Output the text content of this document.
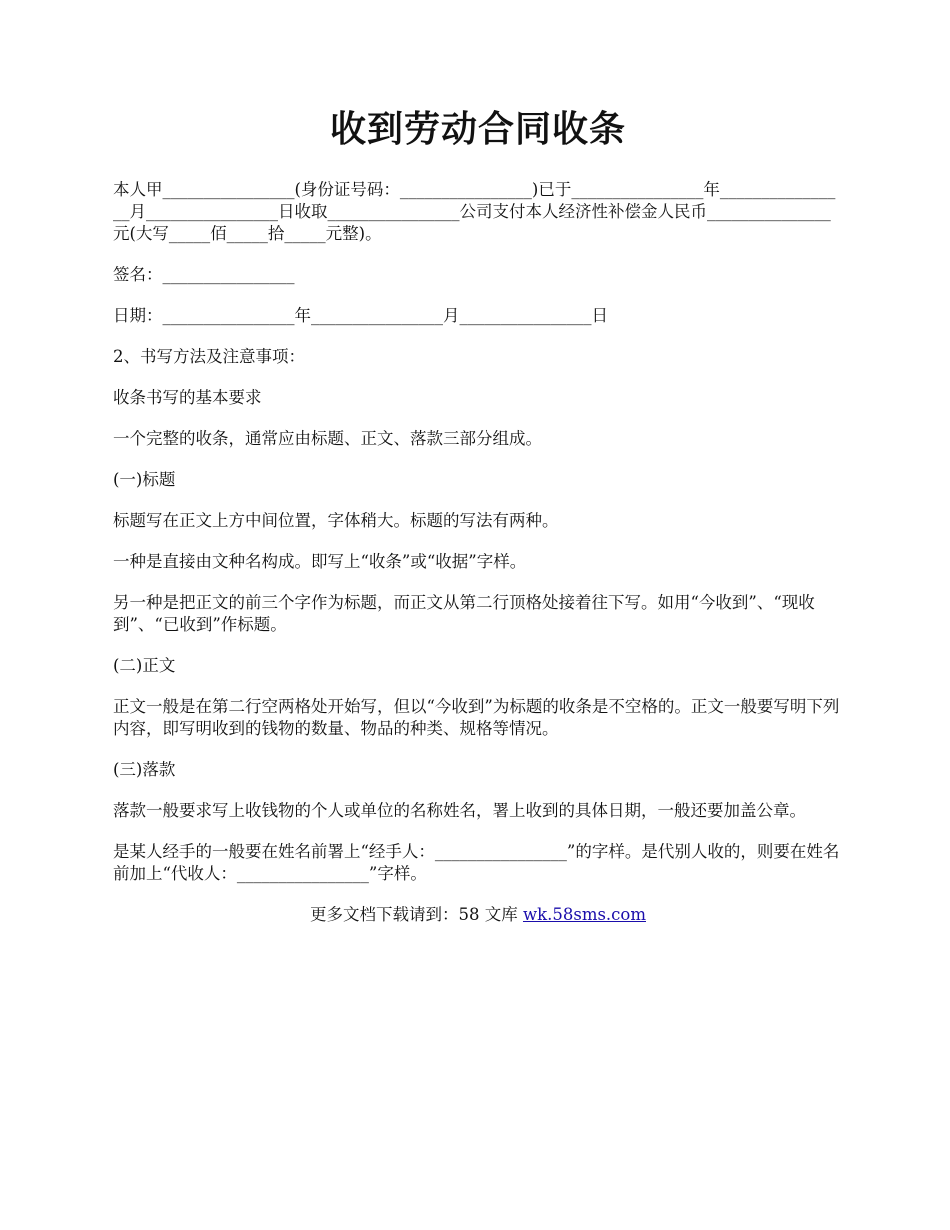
收到劳动合同收条

本人甲________________(身份证号码：________________)已于________________年________________月________________日收取________________公司支付本人经济性补偿金人民币_______________元(大写_____佰_____拾_____元整)。

签名：________________

日期：________________年________________月________________日

2、书写方法及注意事项：

收条书写的基本要求

一个完整的收条，通常应由标题、正文、落款三部分组成。

(一)标题

标题写在正文上方中间位置，字体稍大。标题的写法有两种。

一种是直接由文种名构成。即写上“收条”或“收据”字样。

另一种是把正文的前三个字作为标题，而正文从第二行顶格处接着往下写。如用“今收到”、“现收到”、“已收到”作标题。

(二)正文

正文一般是在第二行空两格处开始写，但以“今收到”为标题的收条是不空格的。正文一般要写明下列内容，即写明收到的钱物的数量、物品的种类、规格等情况。

(三)落款

落款一般要求写上收钱物的个人或单位的名称姓名，署上收到的具体日期，一般还要加盖公章。

是某人经手的一般要在姓名前署上“经手人：________________”的字样。是代别人收的，则要在姓名前加上“代收人：________________”字样。

更多文档下载请到：58 文库 wk.58sms.com
